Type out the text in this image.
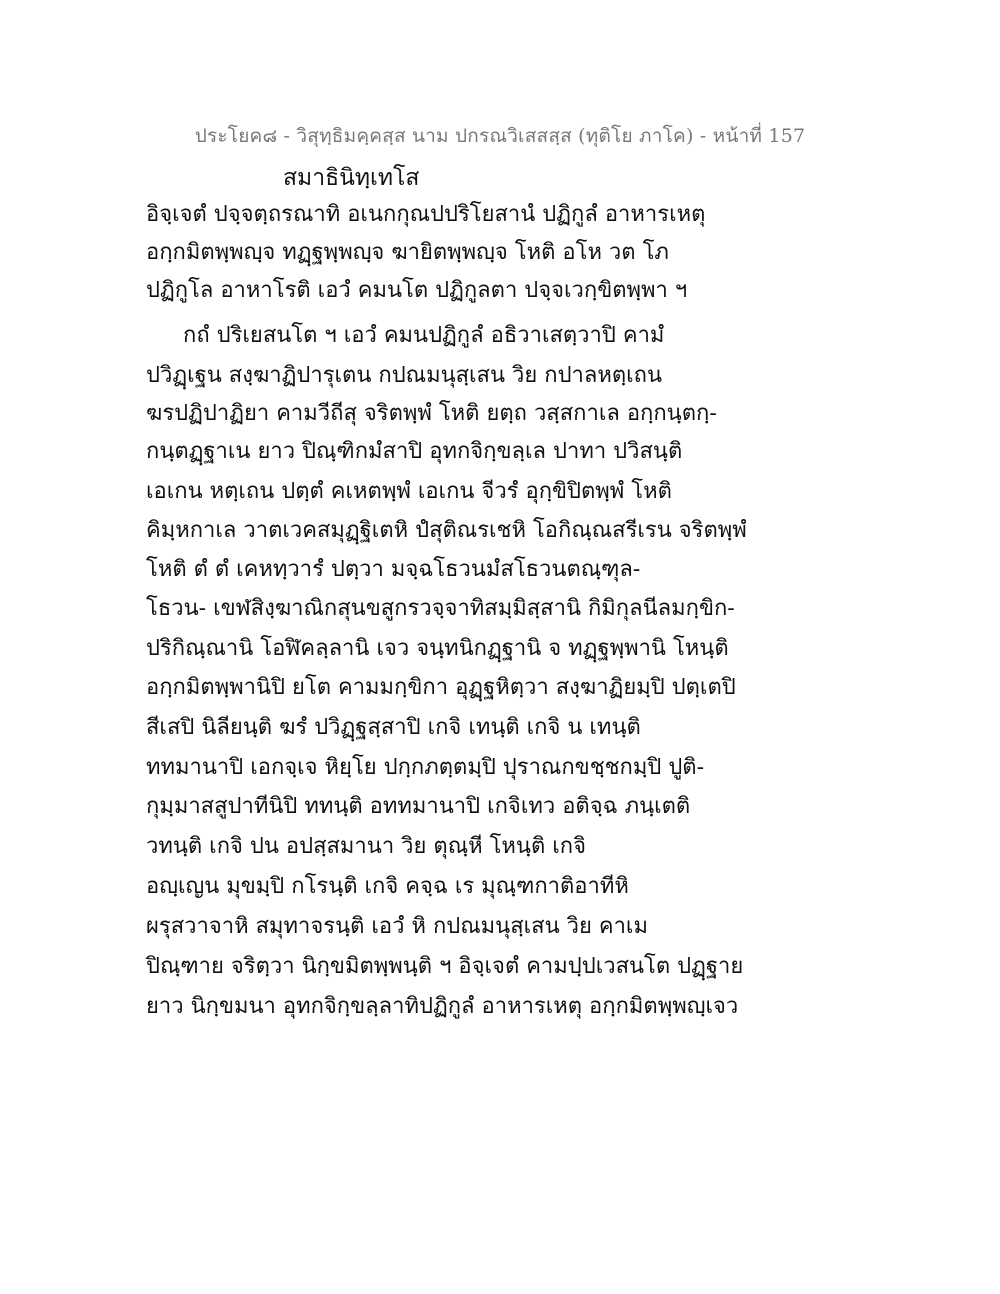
ประโยค๘ - วิสุทฺธิมคฺคสฺส นาม ปกรณวิเสสสฺส (ทุติโย ภาโค) - หน้าที่ 157
สมาธินิทฺเทโส
อิจฺเจตํ ปจฺจตฺถรณาทิ อเนกกุณปปริโยสานํ ปฏิกูลํ อาหารเหตุ
อกฺกมิตพฺพญฺจ ทฏฺฐพฺพญฺจ ฆายิตพฺพญฺจ โหติ อโห วต โภ
ปฏิกูโล อาหาโรติ เอวํ คมนโต ปฏิกูลตา ปจฺจเวกฺขิตพฺพา ฯ
กถํ ปริเยสนโต ฯ เอวํ คมนปฏิกูลํ อธิวาเสตฺวาปิ คามํ
ปวิฏฺเฐน สงฺฆาฏิปารุเตน กปณมนุสฺเสน วิย กปาลหตฺเถน
ฆรปฏิปาฏิยา คามวีถีสุ จริตพฺพํ โหติ ยตฺถ วสฺสกาเล อกฺกนฺตกฺ-
กนฺตฏฺฐาเน ยาว ปิณฺฑิกมํสาปิ อุทกจิกฺขลฺเล ปาทา ปวิสนฺติ
เอเกน หตฺเถน ปตฺตํ คเหตพฺพํ เอเกน จีวรํ อุกฺขิปิตพฺพํ โหติ
คิมฺหกาเล วาตเวคสมุฏฺฐิเตหิ ปํสุติณรเชหิ โอกิณฺณสรีเรน จริตพฺพํ
โหติ ตํ ตํ เคหทฺวารํ ปตฺวา มจฺฉโธวนมํสโธวนตณฺฑุล-
โธวน- เขฬสิงฺฆาณิกสุนขสูกรวจฺจาทิสมฺมิสฺสานิ กิมิกุลนีลมกฺขิก-
ปริกิณฺณานิ โอฬิคลฺลานิ เจว จนฺทนิกฏฺฐานิ จ ทฏฺฐพฺพานิ โหนฺติ
อกฺกมิตพฺพานิปิ ยโต คามมกฺขิกา อุฏฺฐหิตฺวา สงฺฆาฏิยมฺปิ ปตฺเตปิ
สีเสปิ นิลียนฺติ ฆรํ ปวิฏฺฐสฺสาปิ เกจิ เทนฺติ เกจิ น เทนฺติ
ททมานาปิ เอกจฺเจ หิยฺโย ปกฺกภตฺตมฺปิ ปุราณกขชฺชกมฺปิ ปูติ-
กุมฺมาสสูปาทีนิปิ ททนฺติ อททมานาปิ เกจิเทว อติจฺฉ ภนฺเตติ
วทนฺติ เกจิ ปน อปสฺสมานา วิย ตุณฺหี โหนฺติ เกจิ
อญฺเญน มุขมฺปิ กโรนฺติ เกจิ คจฺฉ เร มุณฺฑกาติอาทีหิ
ผรุสวาจาหิ สมุทาจรนฺติ เอวํ หิ กปณมนุสฺเสน วิย คาเม
ปิณฺฑาย จริตฺวา นิกฺขมิตพฺพนฺติ ฯ อิจฺเจตํ คามปฺปเวสนโต ปฏฺฐาย
ยาว นิกฺขมนา อุทกจิกฺขลฺลาทิปฏิกูลํ อาหารเหตุ อกฺกมิตพฺพญฺเจว
